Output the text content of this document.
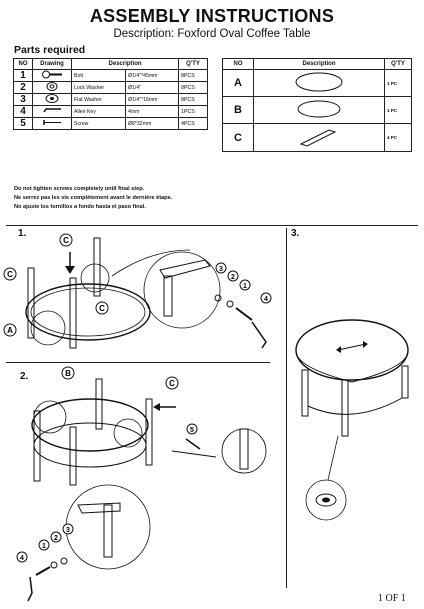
ASSEMBLY INSTRUCTIONS
Description: Foxford Oval Coffee Table
Parts required
NO	Drawing	Description		Q'TY
1		Bolt	Ø1/4"*45mm	8PCS
2		Lock Washer	Ø1/4"	8PCS
3		Flat Washer	Ø1/4"*16mm	8PCS
4		Allen Key	4mm	1PCS
5		Screw	Ø8*32mm	4PCS
NO	Description	Q'TY
A		1 PC
B		1 PC
C		4 PC
Do not tighten screws completely until final step.
Ne serrez pas les vis complètement avant le dernière étape.
No ajuste los tornillos a fondo hasta el paso final.
1.
2.
3.
C
C
C
A
3
2
1
4
B
C
5
1
2
3
4
1 OF 1
